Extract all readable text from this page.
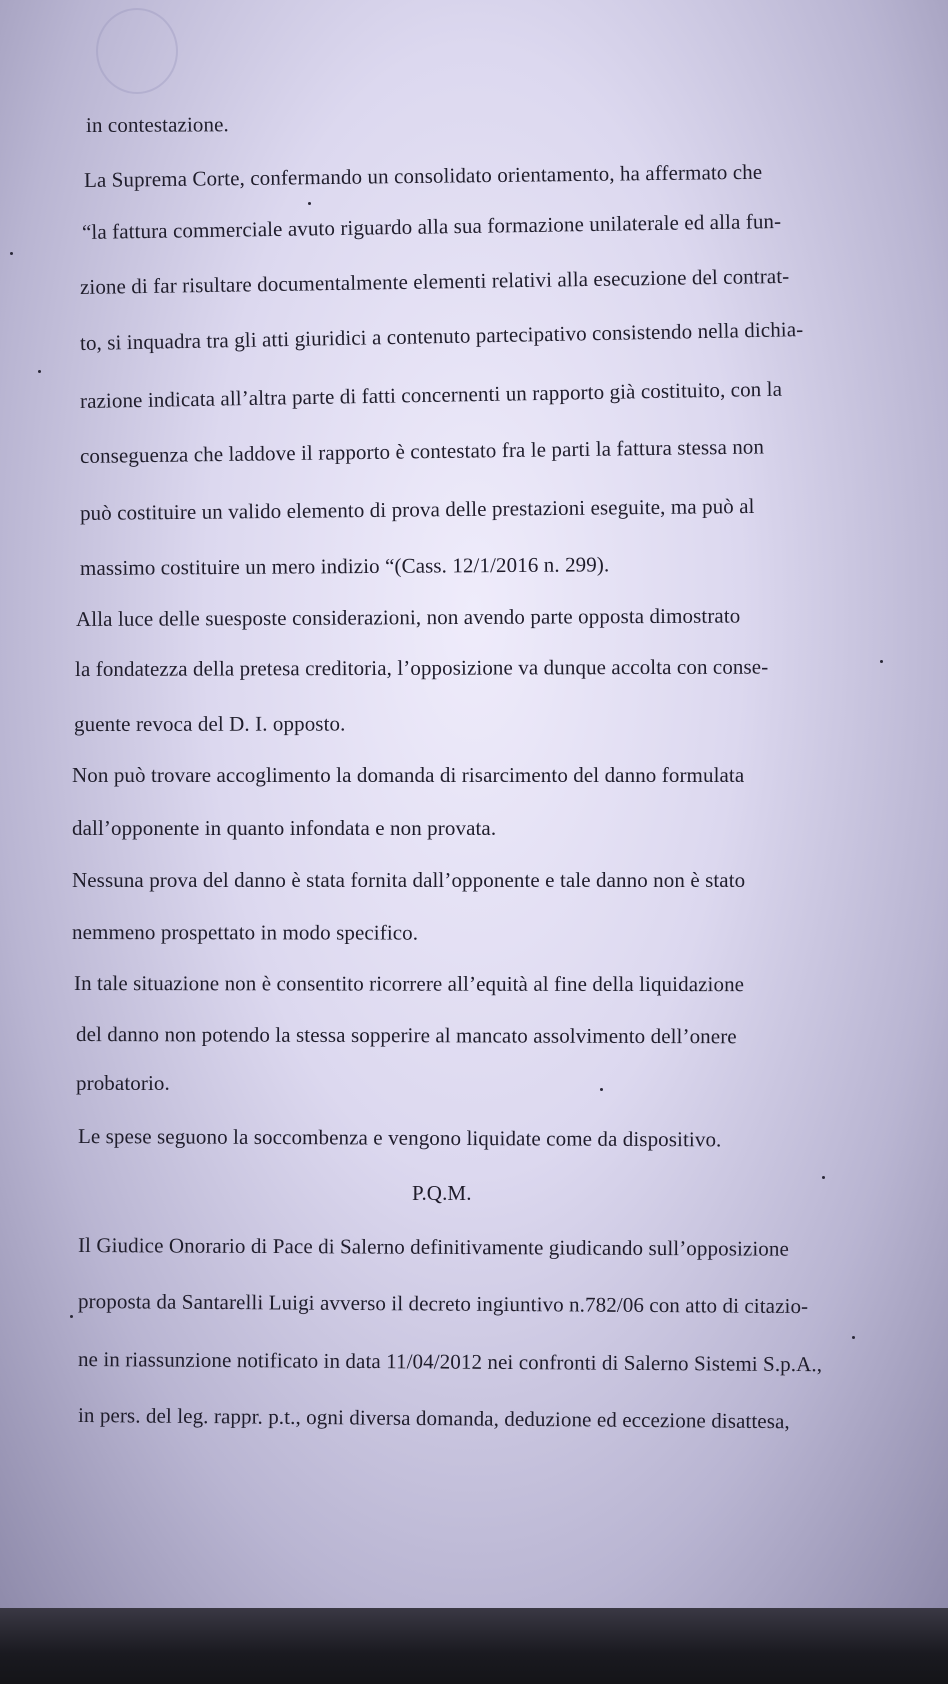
in contestazione.
La Suprema Corte, confermando un consolidato orientamento, ha affermato che
“la fattura commerciale avuto riguardo alla sua formazione unilaterale ed alla fun-
zione di far risultare documentalmente elementi relativi alla esecuzione del contrat-
to, si inquadra tra gli atti giuridici a contenuto partecipativo consistendo nella dichia-
razione indicata all’altra parte di fatti concernenti un rapporto già costituito, con la
conseguenza che laddove il rapporto è contestato fra le parti la fattura stessa non
può costituire un valido elemento di prova delle prestazioni eseguite, ma può al
massimo costituire un mero indizio “(Cass. 12/1/2016 n. 299).
Alla luce delle suesposte considerazioni, non avendo parte opposta dimostrato
la fondatezza della pretesa creditoria, l’opposizione va dunque accolta con conse-
guente revoca del D. I. opposto.
Non può trovare accoglimento la domanda di risarcimento del danno formulata
dall’opponente in quanto infondata e non provata.
Nessuna prova del danno è stata fornita dall’opponente e tale danno non è stato
nemmeno prospettato in modo specifico.
In tale situazione non è consentito ricorrere all’equità al fine della liquidazione
del danno non potendo la stessa sopperire al mancato assolvimento dell’onere
probatorio.
Le spese seguono la soccombenza e vengono liquidate come da dispositivo.
P.Q.M.
Il Giudice Onorario di Pace di Salerno definitivamente giudicando sull’opposizione
proposta da Santarelli Luigi avverso il decreto ingiuntivo n.782/06 con atto di citazio-
ne in riassunzione notificato in data 11/04/2012 nei confronti di Salerno Sistemi S.p.A.,
in pers. del leg. rappr. p.t., ogni diversa domanda, deduzione ed eccezione disattesa,
